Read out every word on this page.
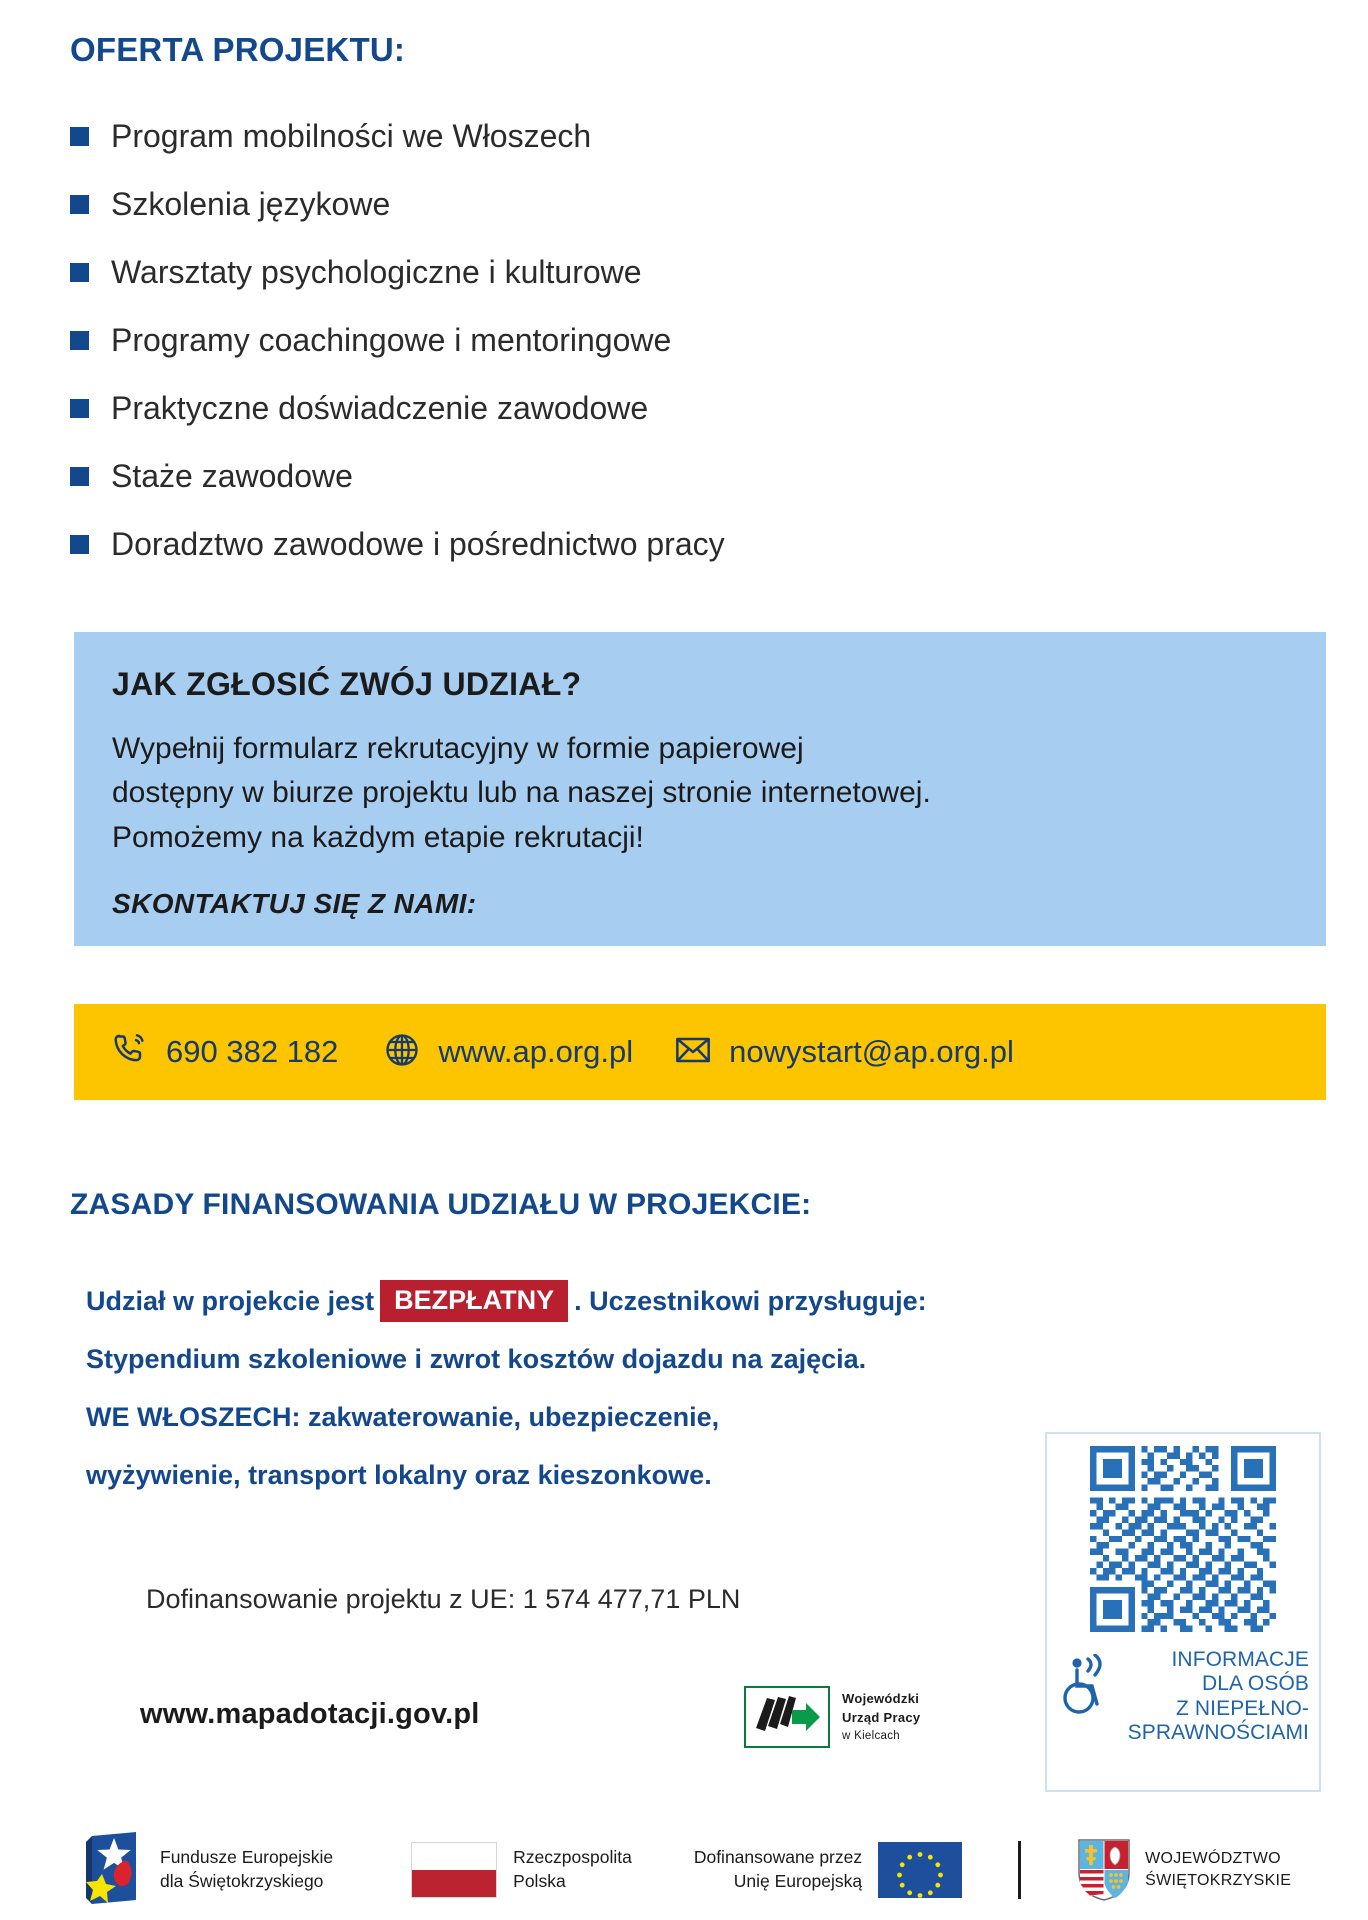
OFERTA PROJEKTU:
Program mobilności we Włoszech
Szkolenia językowe
Warsztaty psychologiczne i kulturowe
Programy coachingowe i mentoringowe
Praktyczne doświadczenie zawodowe
Staże zawodowe
Doradztwo zawodowe i pośrednictwo pracy
JAK ZGŁOSIĆ ZWÓJ UDZIAŁ?
Wypełnij formularz rekrutacyjny w formie papierowej
dostępny w biurze projektu lub na naszej stronie internetowej.
Pomożemy na każdym etapie rekrutacji!
SKONTAKTUJ SIĘ Z NAMI:
690 382 182	www.ap.org.pl	nowystart@ap.org.pl
ZASADY FINANSOWANIA UDZIAŁU W PROJEKCIE:
Udział w projekcie jest BEZPŁATNY . Uczestnikowi przysługuje:
Stypendium szkoleniowe i zwrot kosztów dojazdu na zajęcia.
WE WŁOSZECH: zakwaterowanie, ubezpieczenie,
wyżywienie, transport lokalny oraz kieszonkowe.
Dofinansowanie projektu z UE: 1 574 477,71 PLN
www.mapadotacji.gov.pl	Wojewódzki
Urząd Pracy
w Kielcach
INFORMACJE
DLA OSÓB
Z NIEPEŁNO-
SPRAWNOŚCIAMI
Fundusze Europejskie
dla Świętokrzyskiego
Rzeczpospolita
Polska
Dofinansowane przez
Unię Europejską
WOJEWÓDZTWO
ŚWIĘTOKRZYSKIE
